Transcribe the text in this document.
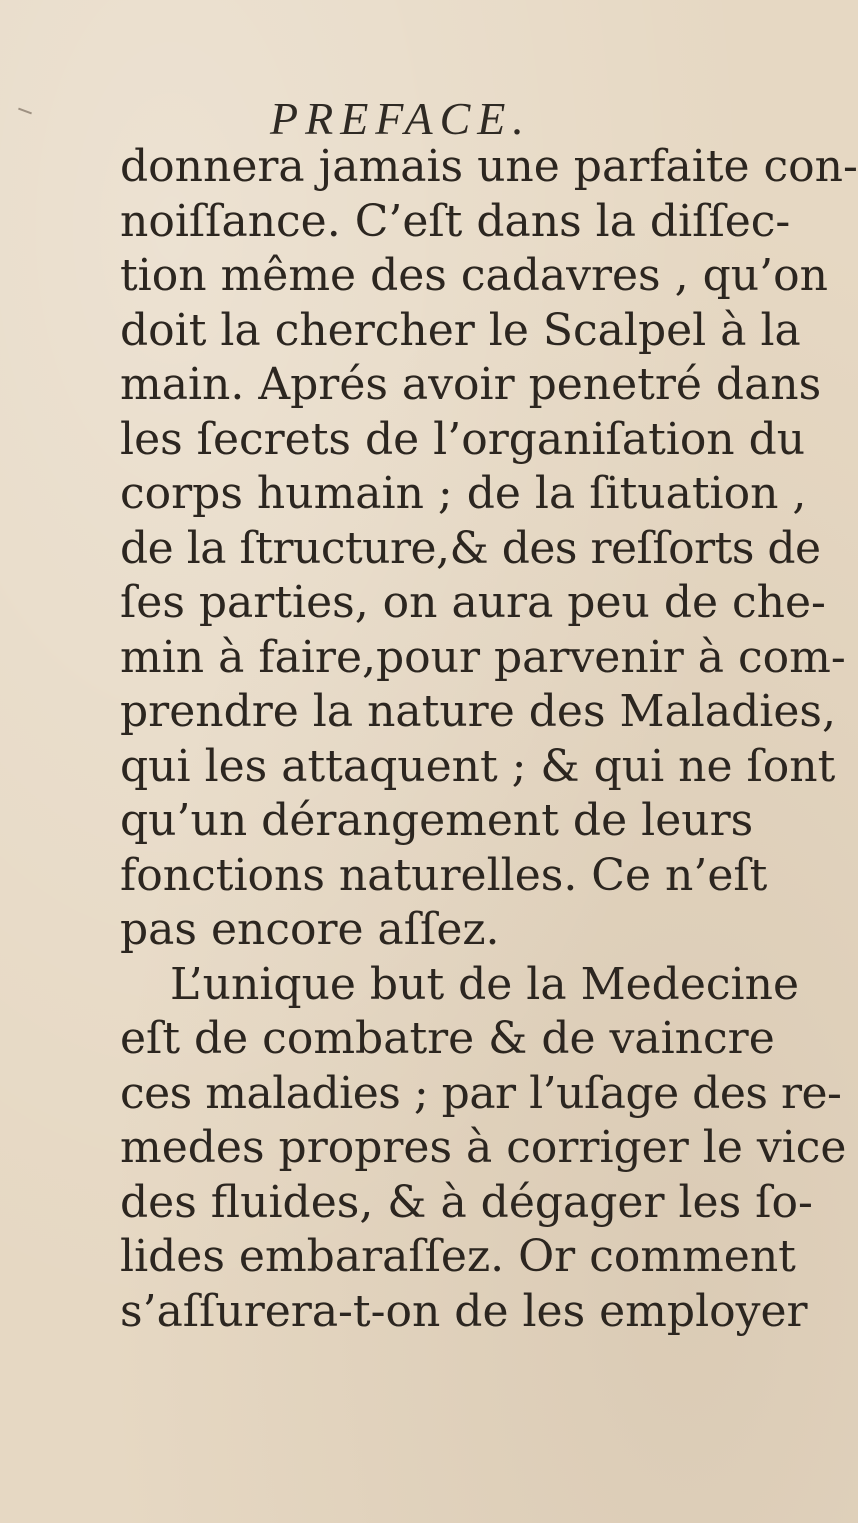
PREFACE.
donnera jamais une parfaite con-
noiſſance. C’eſt dans la diſſec-
tion même des cadavres , qu’on
doit la chercher le Scalpel à la
main. Aprés avoir penetré dans
les ſecrets de l’organiſation du
corps humain ; de la ſituation ,
de la ſtructure,& des reſſorts de
ſes parties, on aura peu de che-
min à faire,pour parvenir à com-
prendre la nature des Maladies,
qui les attaquent ; & qui ne ſont
qu’un dérangement de leurs
fonctions naturelles. Ce n’eſt
pas encore aſſez.
L’unique but de la Medecine
eſt de combatre & de vaincre
ces maladies ; par l’uſage des re-
medes propres à corriger le vice
des fluides, & à dégager les ſo-
lides embaraſſez. Or comment
s’aſſurera-t-on de les employer
